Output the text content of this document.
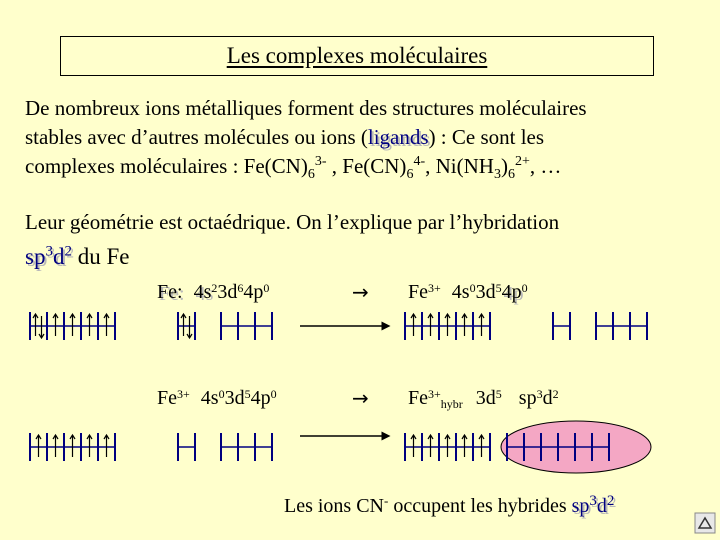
Les complexes moléculaires
De nombreux ions métalliques forment des structures moléculaires
stables avec d’autres molécules ou ions (ligands) : Ce sont les
complexes moléculaires : $Fe(CN)_6^{3-}$ , $Fe(CN)_6^{4-}$, $Ni(NH_3)_6^{2+}$, …
Leur géométrie est octaédrique. On l’explique par l’hybridation
$sp^3d^2$ du Fe
Fe: $4s^23d^64p^0$	→ $Fe^{3+}$ $4s^03d^54p^0$
$Fe^{3+}$ $4s^03d^54p^0$	→ $Fe^{3+}_{hybr}$ $3d^5$ $sp^3d^2$
Les ions CN- occupent les hybrides $sp^3d^2$
